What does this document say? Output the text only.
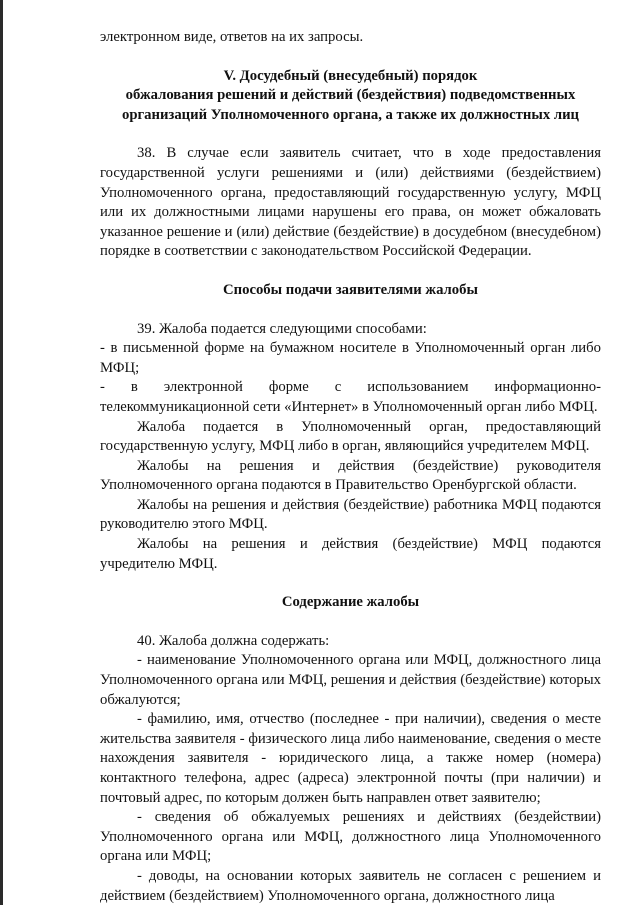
электронном виде, ответов на их запросы.

V. Досудебный (внесудебный) порядок
обжалования решений и действий (бездействия) подведомственных
организаций Уполномоченного органа, а также их должностных лиц

38. В случае если заявитель считает, что в ходе предоставления государственной услуги решениями и (или) действиями (бездействием) Уполномоченного органа, предоставляющий государственную услугу, МФЦ или их должностными лицами нарушены его права, он может обжаловать указанное решение и (или) действие (бездействие) в досудебном (внесудебном) порядке в соответствии с законодательством Российской Федерации.

Способы подачи заявителями жалобы

39. Жалоба подается следующими способами:

- в письменной форме на бумажном носителе в Уполномоченный орган либо МФЦ;

- в электронной форме с использованием информационно-телекоммуникационной сети «Интернет» в Уполномоченный орган либо МФЦ.

Жалоба подается в Уполномоченный орган, предоставляющий государственную услугу, МФЦ либо в орган, являющийся учредителем МФЦ.

Жалобы на решения и действия (бездействие) руководителя Уполномоченного органа подаются в Правительство Оренбургской области.

Жалобы на решения и действия (бездействие) работника МФЦ подаются руководителю этого МФЦ.

Жалобы на решения и действия (бездействие) МФЦ подаются учредителю МФЦ.

Содержание жалобы

40. Жалоба должна содержать:

- наименование Уполномоченного органа или МФЦ, должностного лица Уполномоченного органа или МФЦ, решения и действия (бездействие) которых обжалуются;

- фамилию, имя, отчество (последнее - при наличии), сведения о месте жительства заявителя - физического лица либо наименование, сведения о месте нахождения заявителя - юридического лица, а также номер (номера) контактного телефона, адрес (адреса) электронной почты (при наличии) и почтовый адрес, по которым должен быть направлен ответ заявителю;

- сведения об обжалуемых решениях и действиях (бездействии) Уполномоченного органа или МФЦ, должностного лица Уполномоченного органа или МФЦ;

- доводы, на основании которых заявитель не согласен с решением и действием (бездействием) Уполномоченного органа, должностного лица
